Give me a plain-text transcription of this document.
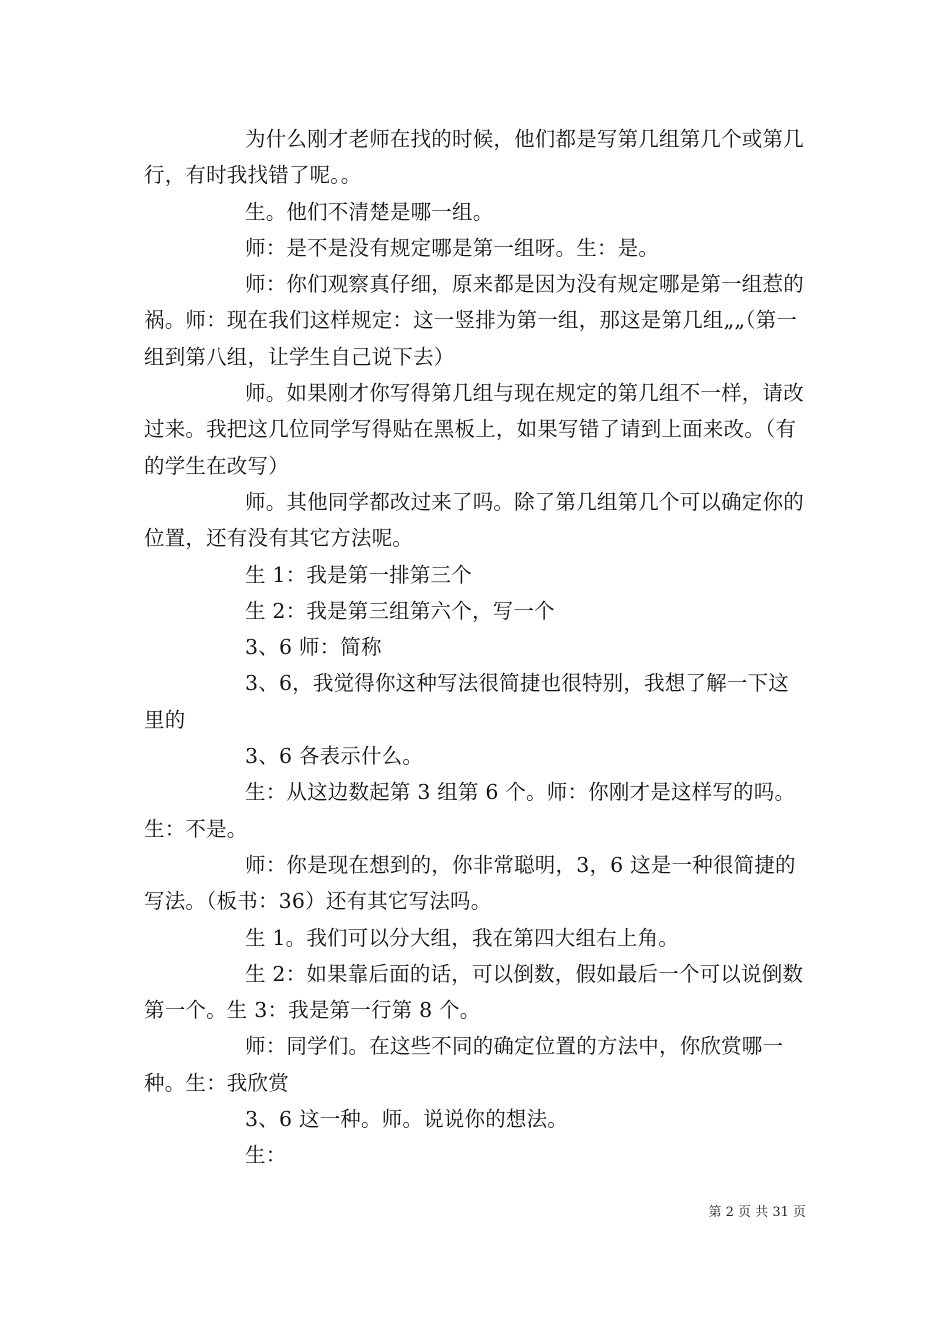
为什么刚才老师在找的时候，他们都是写第几组第几个或第几行，有时我找错了呢。。

生。他们不清楚是哪一组。

师：是不是没有规定哪是第一组呀。生：是。

师：你们观察真仔细，原来都是因为没有规定哪是第一组惹的祸。师：现在我们这样规定：这一竖排为第一组，那这是第几组„„（第一组到第八组，让学生自己说下去）

师。如果刚才你写得第几组与现在规定的第几组不一样，请改过来。我把这几位同学写得贴在黑板上，如果写错了请到上面来改。（有的学生在改写）

师。其他同学都改过来了吗。除了第几组第几个可以确定你的位置，还有没有其它方法呢。

生 1：我是第一排第三个

生 2：我是第三组第六个，写一个

3、6 师：简称

3、6，我觉得你这种写法很简捷也很特别，我想了解一下这里的

3、6 各表示什么。

生：从这边数起第 3 组第 6 个。师：你刚才是这样写的吗。生：不是。

师：你是现在想到的，你非常聪明，3，6 这是一种很简捷的写法。（板书：36）还有其它写法吗。

生 1。我们可以分大组，我在第四大组右上角。

生 2：如果靠后面的话，可以倒数，假如最后一个可以说倒数第一个。生 3：我是第一行第 8 个。

师：同学们。在这些不同的确定位置的方法中，你欣赏哪一种。生：我欣赏

3、6 这一种。师。说说你的想法。

生：

第 2 页 共 31 页
